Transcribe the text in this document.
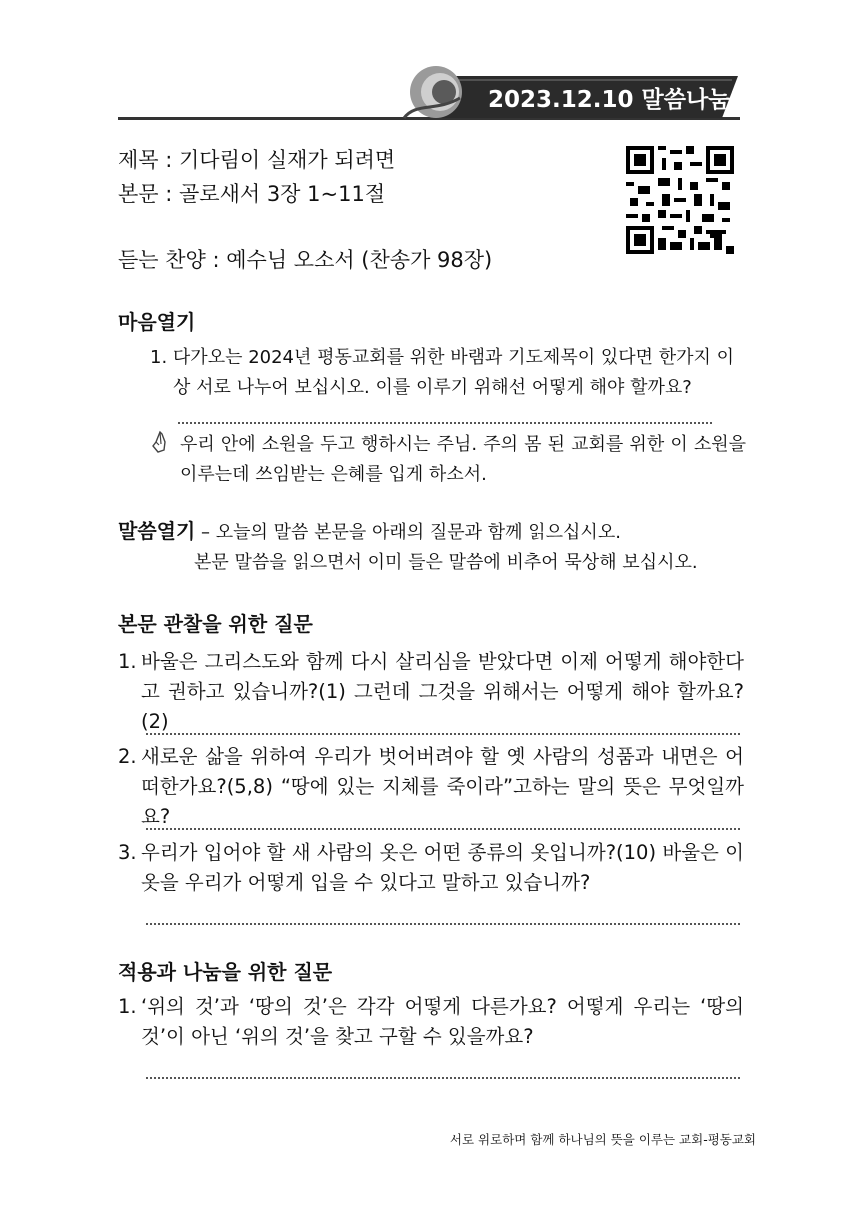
2023.12.10 말씀나눔지
제목 : 기다림이 실재가 되려면
본문 : 골로새서 3장 1~11절
듣는 찬양 : 예수님 오소서 (찬송가 98장)
마음열기
1. 다가오는 2024년 평동교회를 위한 바램과 기도제목이 있다면 한가지 이상 서로 나누어 보십시오. 이를 이루기 위해선 어떻게 해야 할까요?
우리 안에 소원을 두고 행하시는 주님. 주의 몸 된 교회를 위한 이 소원을 이루는데 쓰임받는 은혜를 입게 하소서.
말씀열기 – 오늘의 말씀 본문을 아래의 질문과 함께 읽으십시오.
본문 말씀을 읽으면서 이미 들은 말씀에 비추어 묵상해 보십시오.
본문 관찰을 위한 질문
1. 바울은 그리스도와 함께 다시 살리심을 받았다면 이제 어떻게 해야한다고 권하고 있습니까?(1) 그런데 그것을 위해서는 어떻게 해야 할까요?(2)
2. 새로운 삶을 위하여 우리가 벗어버려야 할 옛 사람의 성품과 내면은 어떠한가요?(5,8) “땅에 있는 지체를 죽이라”고하는 말의 뜻은 무엇일까요?
3. 우리가 입어야 할 새 사람의 옷은 어떤 종류의 옷입니까?(10) 바울은 이 옷을 우리가 어떻게 입을 수 있다고 말하고 있습니까?
적용과 나눔을 위한 질문
1. ‘위의 것’과 ‘땅의 것’은 각각 어떻게 다른가요? 어떻게 우리는 ‘땅의 것’이 아닌 ‘위의 것’을 찾고 구할 수 있을까요?
서로 위로하며 함께 하나님의 뜻을 이루는 교회-평동교회
